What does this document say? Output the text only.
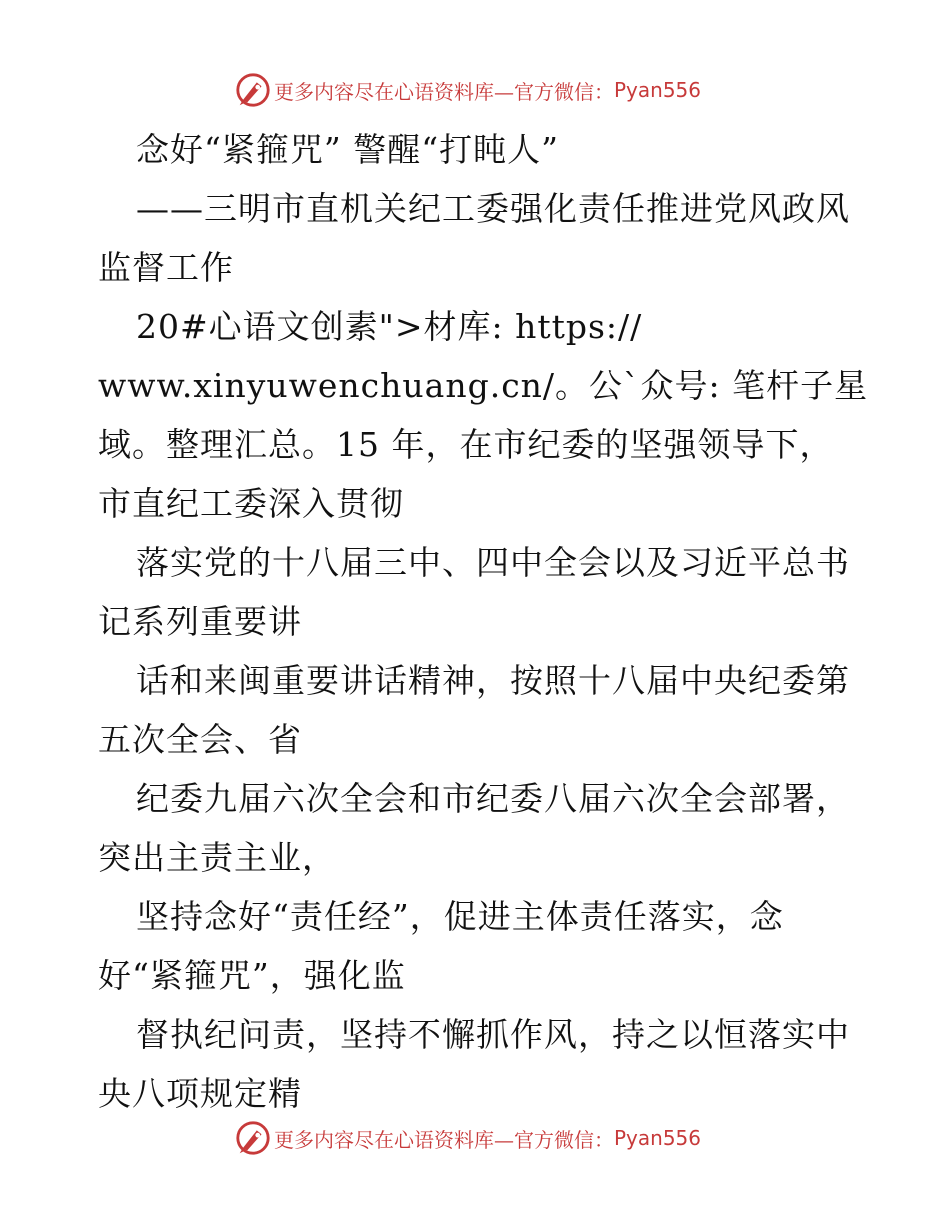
更多内容尽在心语资料库—官方微信： Pyan556
念好“紧箍咒” 警醒“打盹人”
——三明市直机关纪工委强化责任推进党风政风
监督工作
20#心语文创素">材库: https://
www.xinyuwenchuang.cn/。公`众号: 笔杆子星
域。整理汇总。15 年，在市纪委的坚强领导下，
市直纪工委深入贯彻
落实党的十八届三中、四中全会以及习近平总书
记系列重要讲
话和来闽重要讲话精神，按照十八届中央纪委第
五次全会、省
纪委九届六次全会和市纪委八届六次全会部署，
突出主责主业，
坚持念好“责任经”，促进主体责任落实，念
好“紧箍咒”，强化监
督执纪问责，坚持不懈抓作风，持之以恒落实中
央八项规定精
更多内容尽在心语资料库—官方微信： Pyan556
